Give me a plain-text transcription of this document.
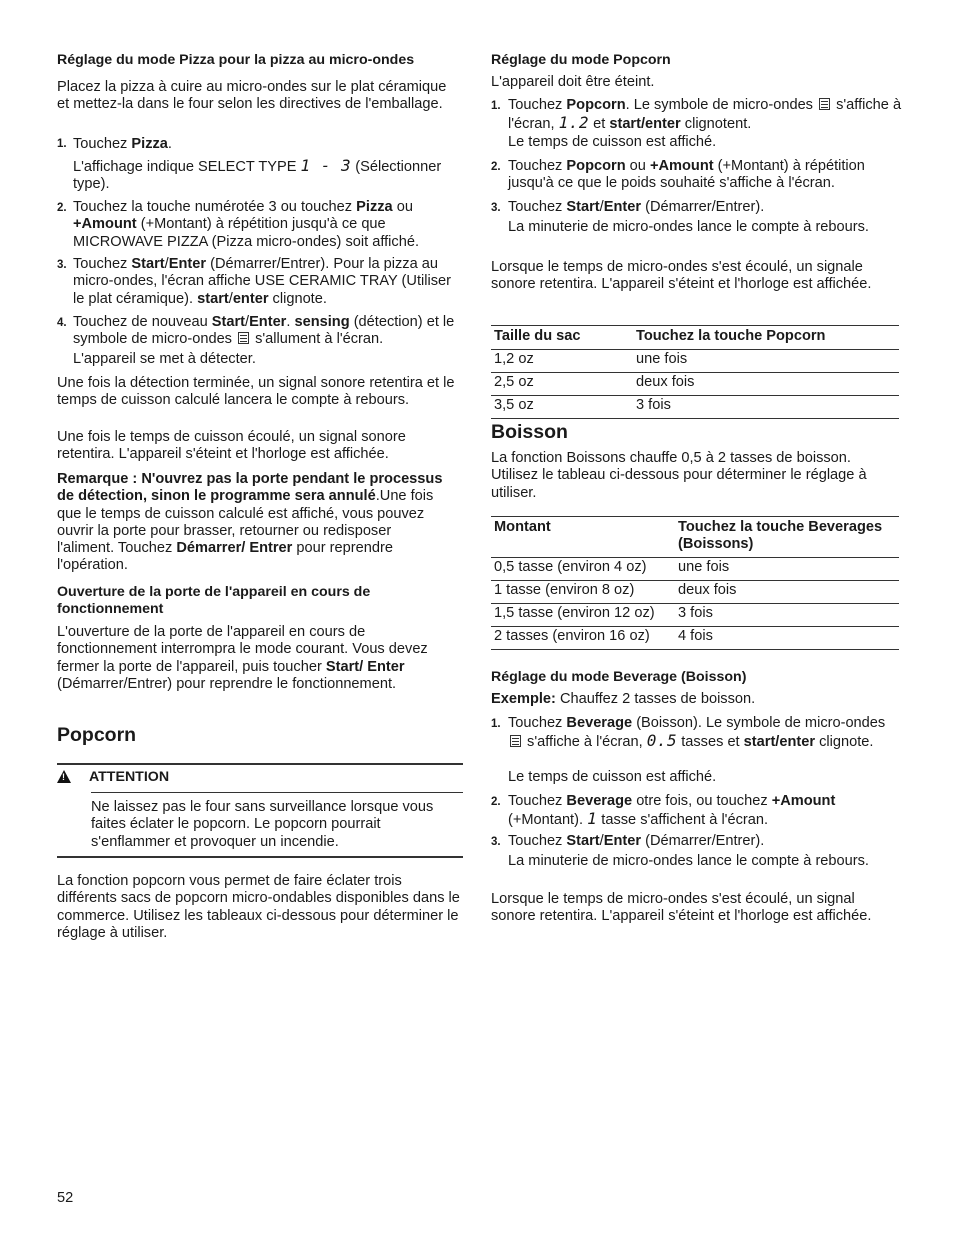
Réglage du mode Pizza pour la pizza au micro-ondes

Placez la pizza à cuire au micro-ondes sur le plat céramique et mettez-la dans le four selon les directives de l'emballage.

1. Touchez Pizza.

L'affichage indique SELECT TYPE 1 - 3 (Sélectionner type).

2. Touchez la touche numérotée 3 ou touchez Pizza ou +Amount (+Montant) à répétition jusqu'à ce que MICROWAVE PIZZA (Pizza micro-ondes) soit affiché.

3. Touchez Start/Enter (Démarrer/Entrer). Pour la pizza au micro-ondes, l'écran affiche USE CERAMIC TRAY (Utiliser le plat céramique). start/enter clignote.

4. Touchez de nouveau Start/Enter. sensing (détection) et le symbole de micro-ondes  s'allument à l'écran.

L'appareil se met à détecter.

Une fois la détection terminée, un signal sonore retentira et le temps de cuisson calculé lancera le compte à rebours.

Une fois le temps de cuisson écoulé, un signal sonore retentira. L'appareil s'éteint et l'horloge est affichée.

Remarque : N'ouvrez pas la porte pendant le processus de détection, sinon le programme sera annulé.Une fois que le temps de cuisson calculé est affiché, vous pouvez ouvrir la porte pour brasser, retourner ou redisposer l'aliment. Touchez Démarrer/ Entrer pour reprendre l'opération.

Ouverture de la porte de l'appareil en cours de fonctionnement

L'ouverture de la porte de l'appareil en cours de fonctionnement interrompra le mode courant. Vous devez fermer la porte de l'appareil, puis toucher Start/ Enter (Démarrer/Entrer) pour reprendre le fonctionnement.

Popcorn

! ATTENTION

Ne laissez pas le four sans surveillance lorsque vous faites éclater le popcorn. Le popcorn pourrait s'enflammer et provoquer un incendie.

La fonction popcorn vous permet de faire éclater trois différents sacs de popcorn micro-ondables disponibles dans le commerce. Utilisez les tableaux ci-dessous pour déterminer le réglage à utiliser.

52

Réglage du mode Popcorn

L'appareil doit être éteint.

1. Touchez Popcorn. Le symbole de micro-ondes  s'affiche à l'écran, 1.2 et start/enter clignotent.

Le temps de cuisson est affiché.

2. Touchez Popcorn ou +Amount (+Montant) à répétition jusqu'à ce que le poids souhaité s'affiche à l'écran.

3. Touchez Start/Enter (Démarrer/Entrer).

La minuterie de micro-ondes lance le compte à rebours.

Lorsque le temps de micro-ondes s'est écoulé, un signale sonore retentira. L'appareil s'éteint et l'horloge est affichée.

Taille du sac	Touchez la touche Popcorn
1,2 oz	une fois
2,5 oz	deux fois
3,5 oz	3 fois

Boisson

La fonction Boissons chauffe 0,5 à 2 tasses de boisson. Utilisez le tableau ci-dessous pour déterminer le réglage à utiliser.

Montant	Touchez la touche Beverages (Boissons)
0,5 tasse (environ 4 oz)	une fois
1 tasse (environ 8 oz)	deux fois
1,5 tasse (environ 12 oz)	3 fois
2 tasses (environ 16 oz)	4 fois

Réglage du mode Beverage (Boisson)

Exemple: Chauffez 2 tasses de boisson.

1. Touchez Beverage (Boisson). Le symbole de micro-ondes  s'affiche à l'écran, 0.5 tasses et start/enter clignote.

Le temps de cuisson est affiché.

2. Touchez Beverage otre fois, ou touchez +Amount (+Montant). 1 tasse s'affichent à l'écran.

3. Touchez Start/Enter (Démarrer/Entrer).

La minuterie de micro-ondes lance le compte à rebours.

Lorsque le temps de micro-ondes s'est écoulé, un signal sonore retentira. L'appareil s'éteint et l'horloge est affichée.
